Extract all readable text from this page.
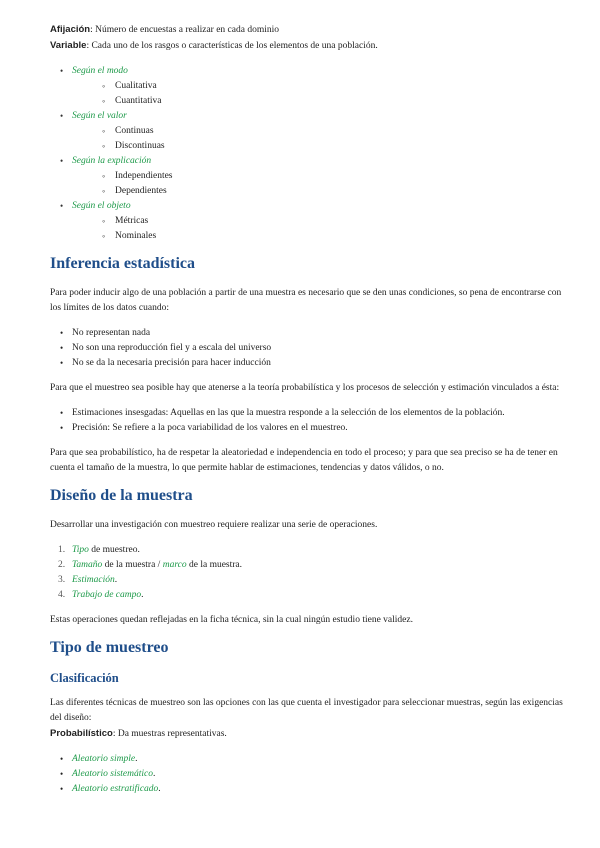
Afijación: Número de encuestas a realizar en cada dominio

Variable: Cada uno de los rasgos o características de los elementos de una población.

• Según el modo
◦ Cualitativa
◦ Cuantitativa
• Según el valor
◦ Continuas
◦ Discontinuas
• Según la explicación
◦ Independientes
◦ Dependientes
• Según el objeto
◦ Métricas
◦ Nominales
Inferencia estadística

Para poder inducir algo de una población a partir de una muestra es necesario que se den unas condiciones, so pena de encontrarse con los límites de los datos cuando:

• No representan nada
• No son una reproducción fiel y a escala del universo
• No se da la necesaria precisión para hacer inducción

Para que el muestreo sea posible hay que atenerse a la teoría probabilística y los procesos de selección y estimación vinculados a ésta:

• Estimaciones insesgadas: Aquellas en las que la muestra responde a la selección de los elementos de la población.
• Precisión: Se refiere a la poca variabilidad de los valores en el muestreo.

Para que sea probabilístico, ha de respetar la aleatoriedad e independencia en todo el proceso; y para que sea preciso se ha de tener en cuenta el tamaño de la muestra, lo que permite hablar de estimaciones, tendencias y datos válidos, o no.

Diseño de la muestra

Desarrollar una investigación con muestreo requiere realizar una serie de operaciones.

1. Tipo de muestreo.
2. Tamaño de la muestra / marco de la muestra.
3. Estimación.
4. Trabajo de campo.

Estas operaciones quedan reflejadas en la ficha técnica, sin la cual ningún estudio tiene validez.

Tipo de muestreo
Clasificación

Las diferentes técnicas de muestreo son las opciones con las que cuenta el investigador para seleccionar muestras, según las exigencias del diseño:

Probabilístico: Da muestras representativas.

• Aleatorio simple.
• Aleatorio sistemático.
• Aleatorio estratificado.
